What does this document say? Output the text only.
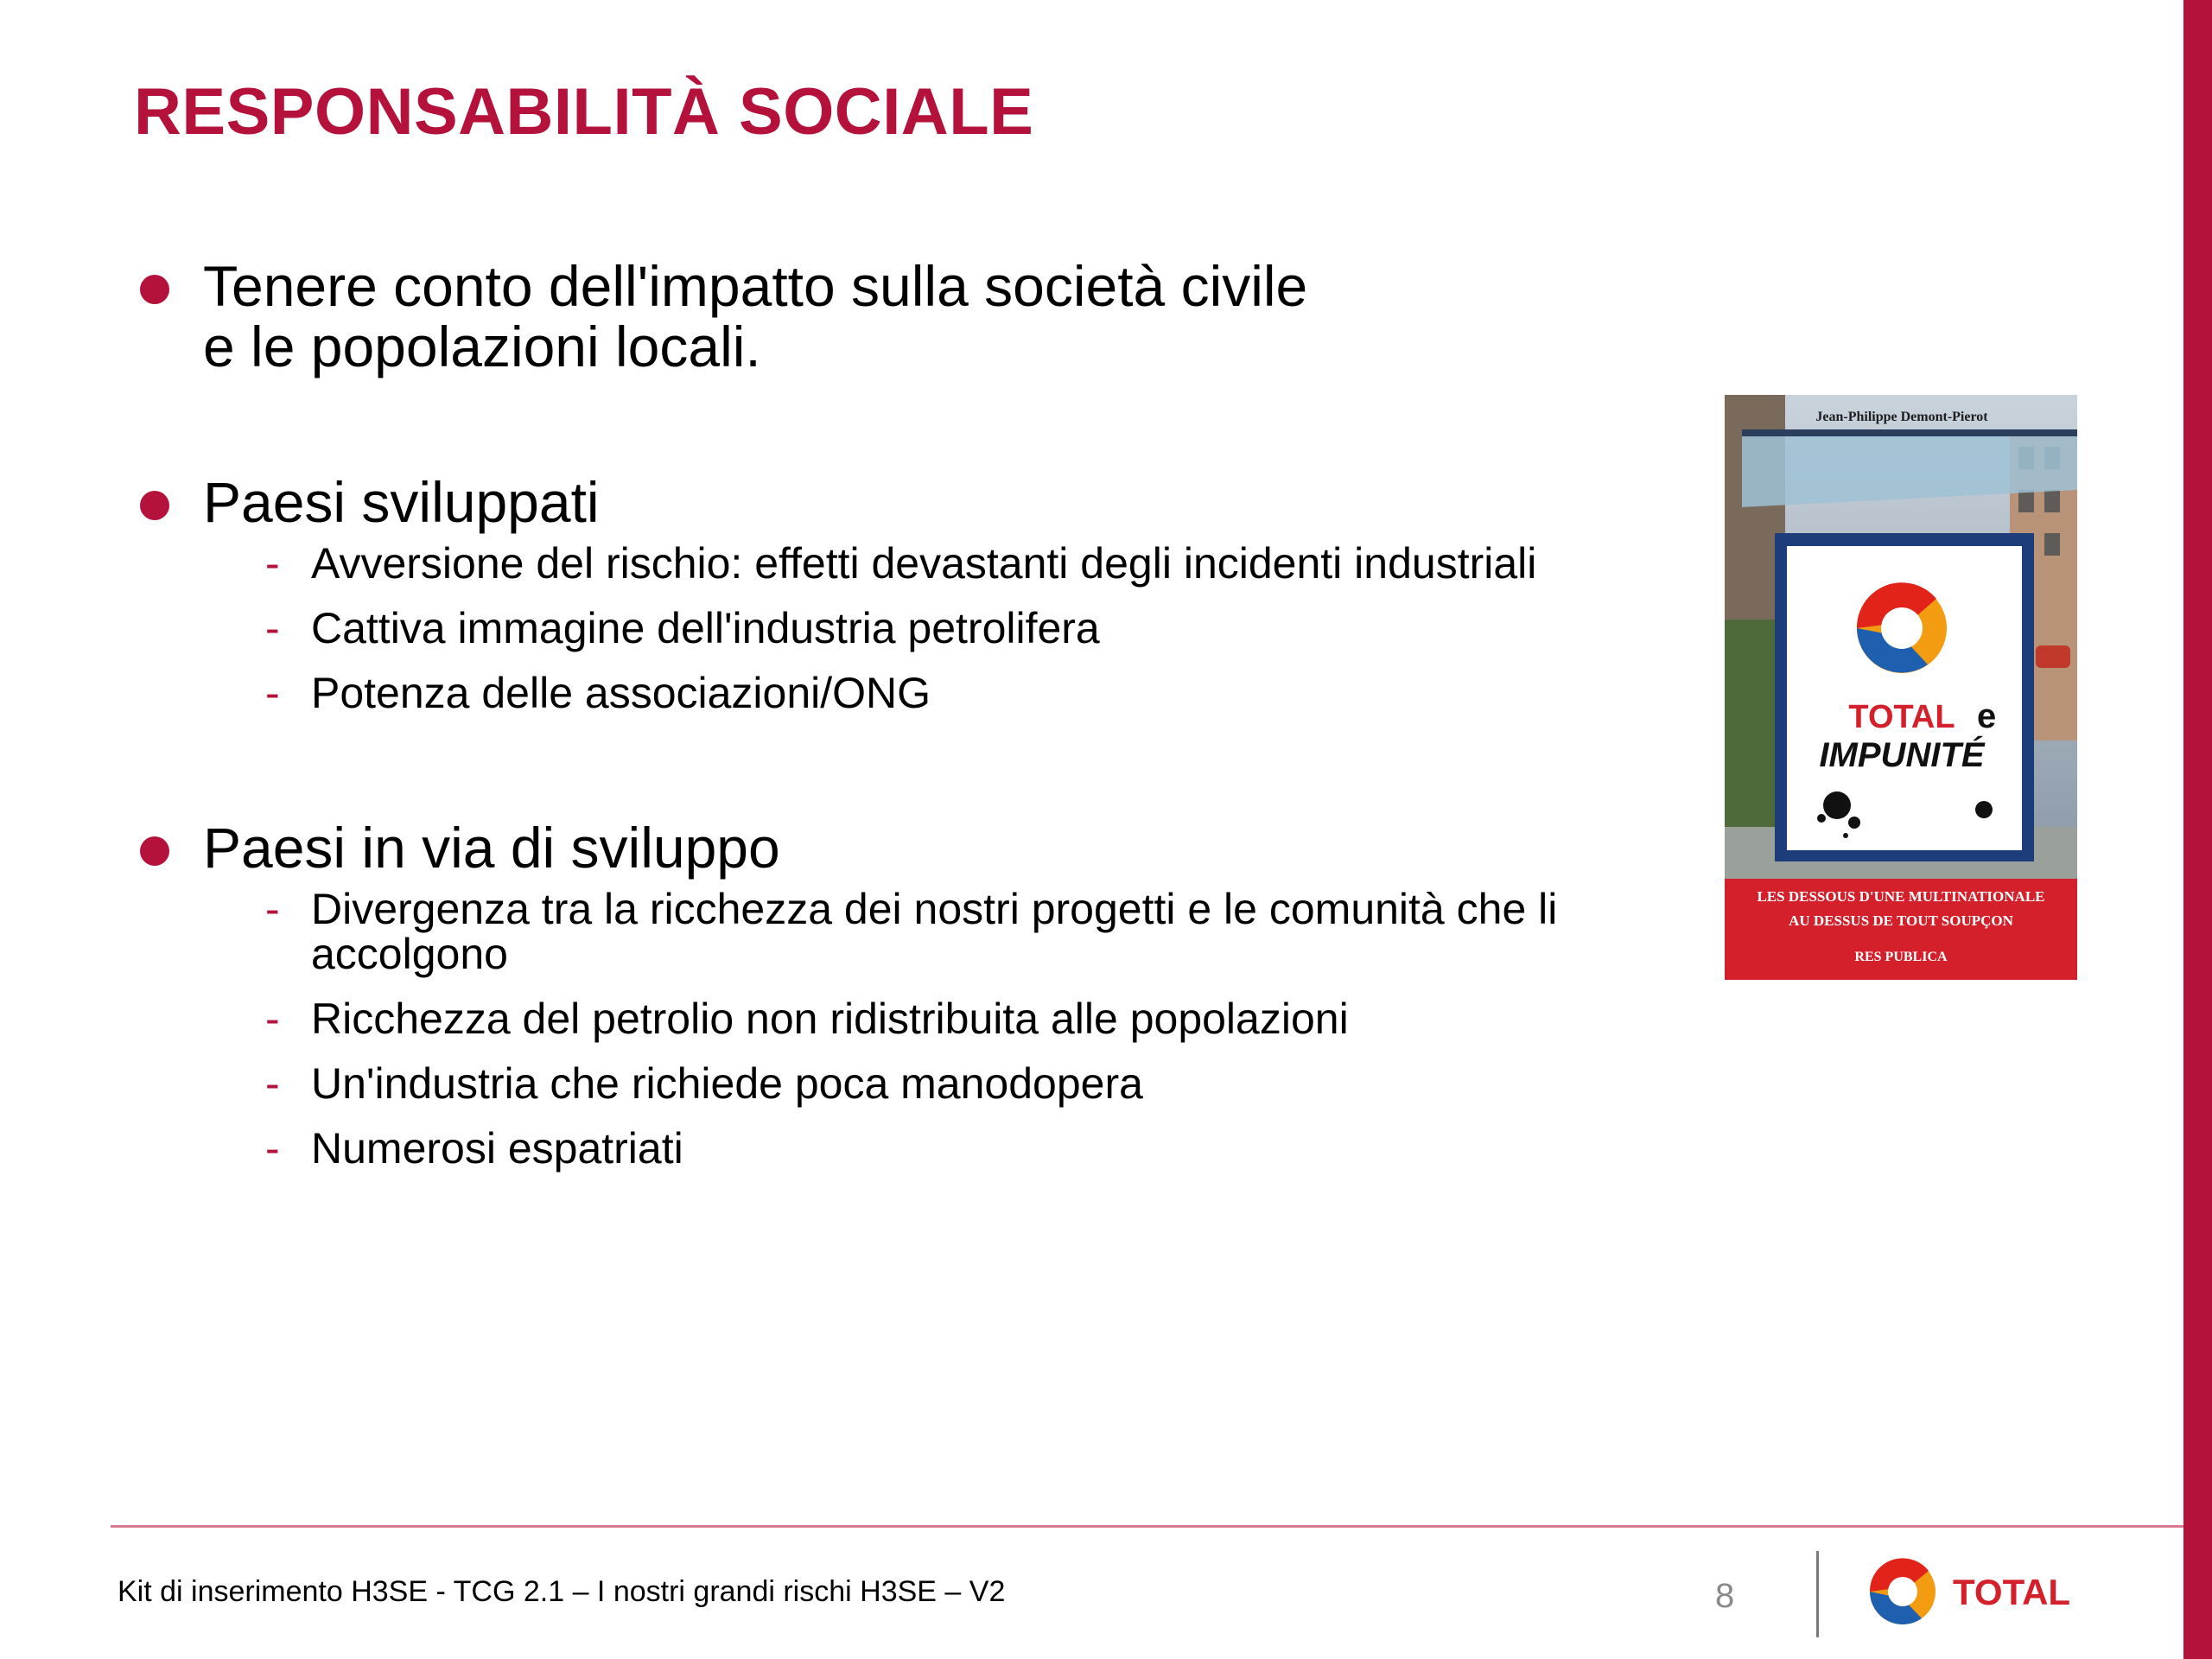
RESPONSABILITÀ SOCIALE
Tenere conto dell'impatto sulla società civile
e le popolazioni locali.
Paesi sviluppati
- Avversione del rischio: effetti devastanti degli incidenti industriali
- Cattiva immagine dell'industria petrolifera
- Potenza delle associazioni/ONG
Paesi in via di sviluppo
- Divergenza tra la ricchezza dei nostri progetti e le comunità che li accolgono
- Ricchezza del petrolio non ridistribuita alle popolazioni
- Un'industria che richiede poca manodopera
- Numerosi espatriati
TOTAL e
IMPUNITÉ
Jean-Philippe Demont-Pierot
LES DESSOUS D'UNE MULTINATIONALE
AU DESSUS DE TOUT SOUPÇON
RES PUBLICA
Kit di inserimento H3SE - TCG 2.1 – I nostri grandi rischi H3SE – V2	8	TOTAL
